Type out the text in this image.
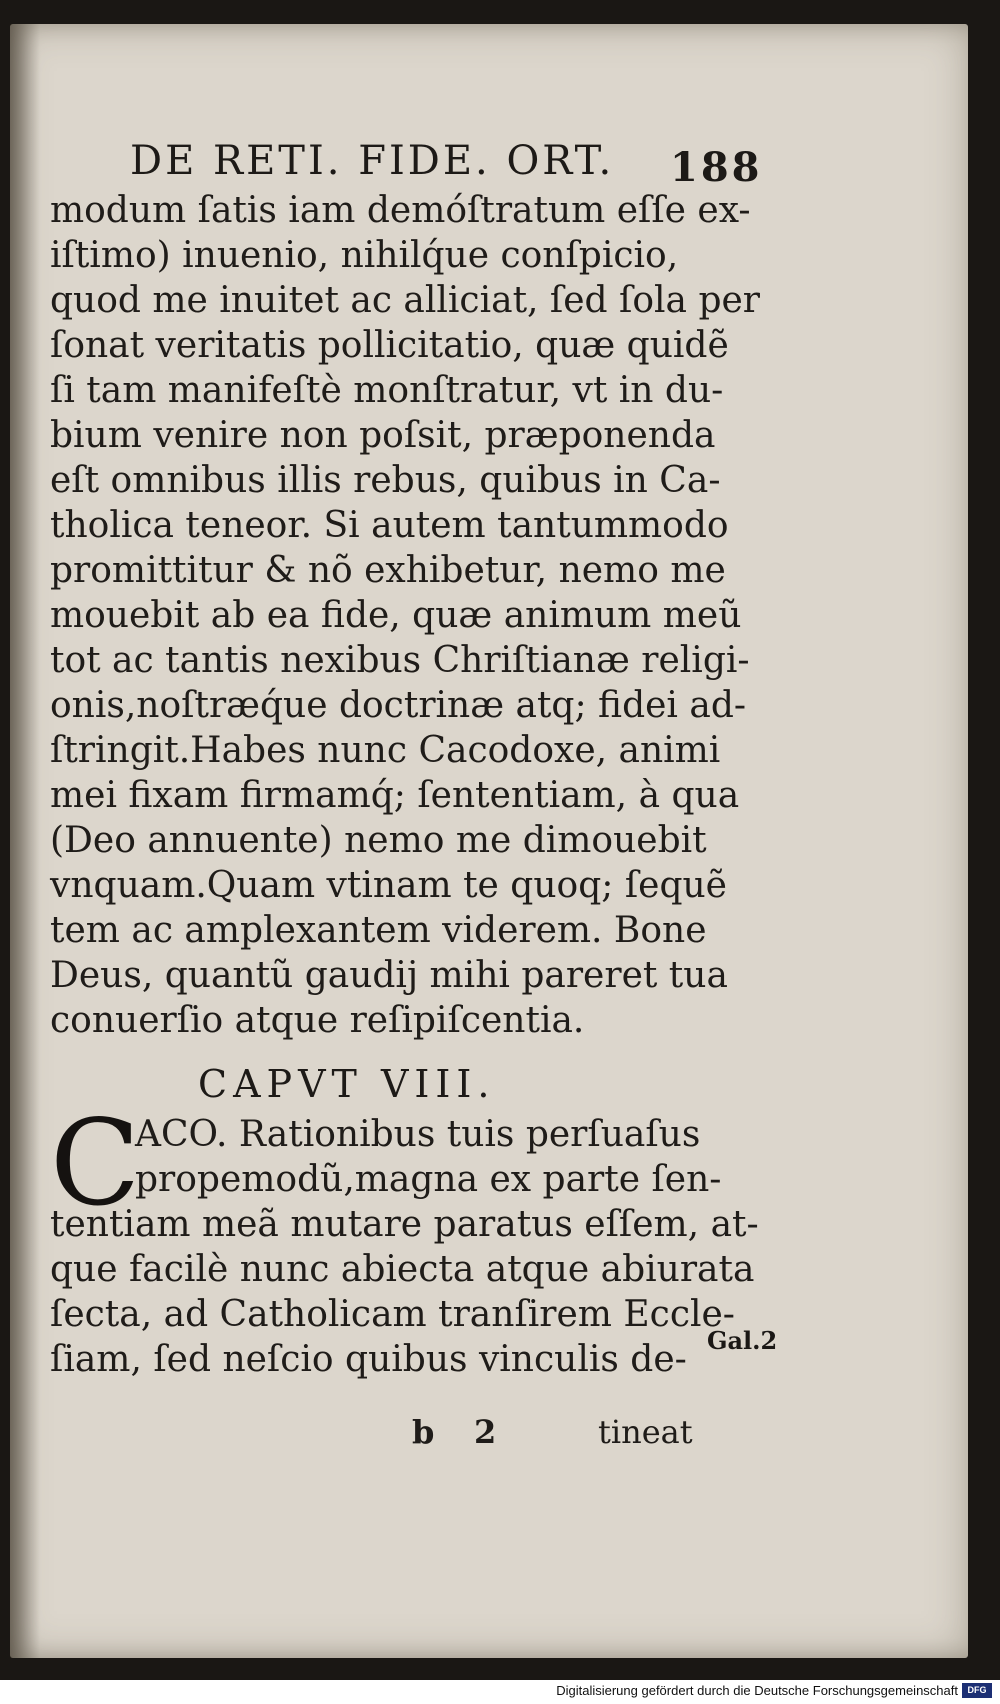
DE RETI. FIDE. ORT. 188
modum ſatis iam demóſtratum eſſe ex-
iſtimo) inuenio, nihilq́ue conſpicio,
quod me inuitet ac alliciat, ſed ſola per
ſonat veritatis pollicitatio, quæ quidẽ
ſi tam manifeſtè monſtratur, vt in du-
bium venire non poſsit, præponenda
eſt omnibus illis rebus, quibus in Ca-
tholica teneor. Si autem tantummodo
promittitur & nõ exhibetur, nemo me
mouebit ab ea fide, quæ animum meũ
tot ac tantis nexibus Chriſtianæ religi-
onis,noſtræq́ue doctrinæ atq; fidei ad-
ſtringit.Habes nunc Cacodoxe, animi
mei fixam firmamq́; ſententiam, à qua
(Deo annuente) nemo me dimouebit
vnquam.Quam vtinam te quoq; ſequẽ
tem ac amplexantem viderem. Bone
Deus, quantũ gaudij mihi pareret tua
conuerſio atque reſipiſcentia.
CAPVT VIII.
C
ACO. Rationibus tuis perſuaſus
propemodũ,magna ex parte ſen-
tentiam meã mutare paratus eſſem, at-
que facilè nunc abiecta atque abiurata
ſecta, ad Catholicam tranſirem Eccle-
ſiam, ſed neſcio quibus vinculis de- Gal.2
b 2	tineat
Digitalisierung gefördert durch die Deutsche Forschungsgemeinschaft	DFG
